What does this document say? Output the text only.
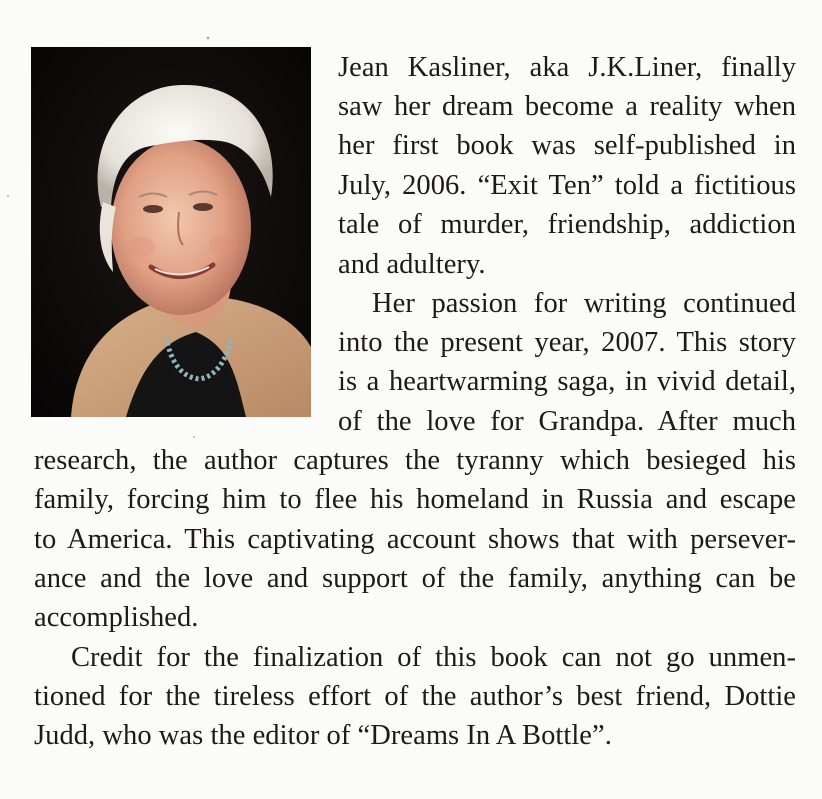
Jean Kasliner, aka J.K.Liner, finally
saw her dream become a reality when
her first book was self-published in
July, 2006. “Exit Ten” told a fictitious
tale of murder, friendship, addiction
and adultery.
Her passion for writing continued
into the present year, 2007. This story
is a heartwarming saga, in vivid detail,
of the love for Grandpa. After much
research, the author captures the tyranny which besieged his
family, forcing him to flee his homeland in Russia and escape
to America. This captivating account shows that with persever-
ance and the love and support of the family, anything can be
accomplished.
Credit for the finalization of this book can not go unmen-
tioned for the tireless effort of the author’s best friend, Dottie
Judd, who was the editor of “Dreams In A Bottle”.
